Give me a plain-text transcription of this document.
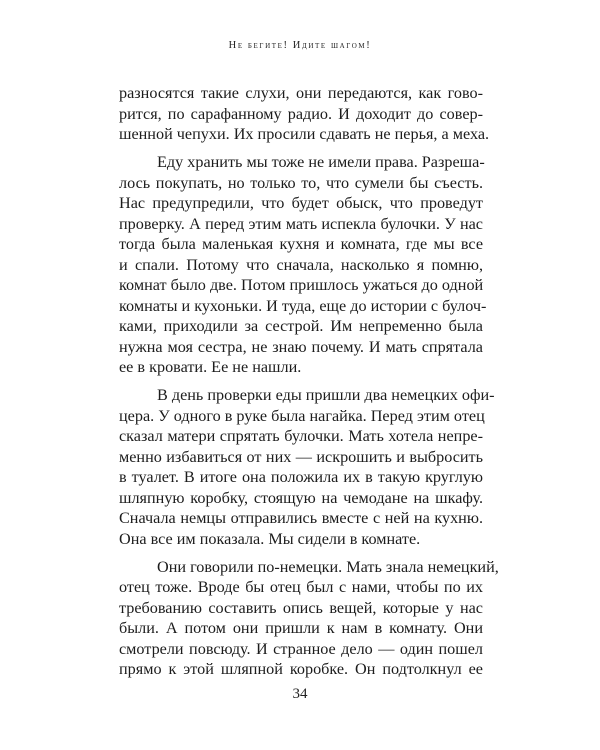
Не бегите! Идите шагом!
разносятся такие слухи, они передаются, как гово-
рится, по сарафанному радио. И доходит до совер-
шенной чепухи. Их просили сдавать не перья, а меха.
Еду хранить мы тоже не имели права. Разреша-
лось покупать, но только то, что сумели бы съесть.
Нас предупредили, что будет обыск, что проведут
проверку. А перед этим мать испекла булочки. У нас
тогда была маленькая кухня и комната, где мы все
и спали. Потому что сначала, насколько я помню,
комнат было две. Потом пришлось ужаться до одной
комнаты и кухоньки. И туда, еще до истории с булоч-
ками, приходили за сестрой. Им непременно была
нужна моя сестра, не знаю почему. И мать спрятала
ее в кровати. Ее не нашли.
В день проверки еды пришли два немецких офи-
цера. У одного в руке была нагайка. Перед этим отец
сказал матери спрятать булочки. Мать хотела непре-
менно избавиться от них — искрошить и выбросить
в туалет. В итоге она положила их в такую круглую
шляпную коробку, стоящую на чемодане на шкафу.
Сначала немцы отправились вместе с ней на кухню.
Она все им показала. Мы сидели в комнате.
Они говорили по-немецки. Мать знала немецкий,
отец тоже. Вроде бы отец был с нами, чтобы по их
требованию составить опись вещей, которые у нас
были. А потом они пришли к нам в комнату. Они
смотрели повсюду. И странное дело — один пошел
прямо к этой шляпной коробке. Он подтолкнул ее
34
